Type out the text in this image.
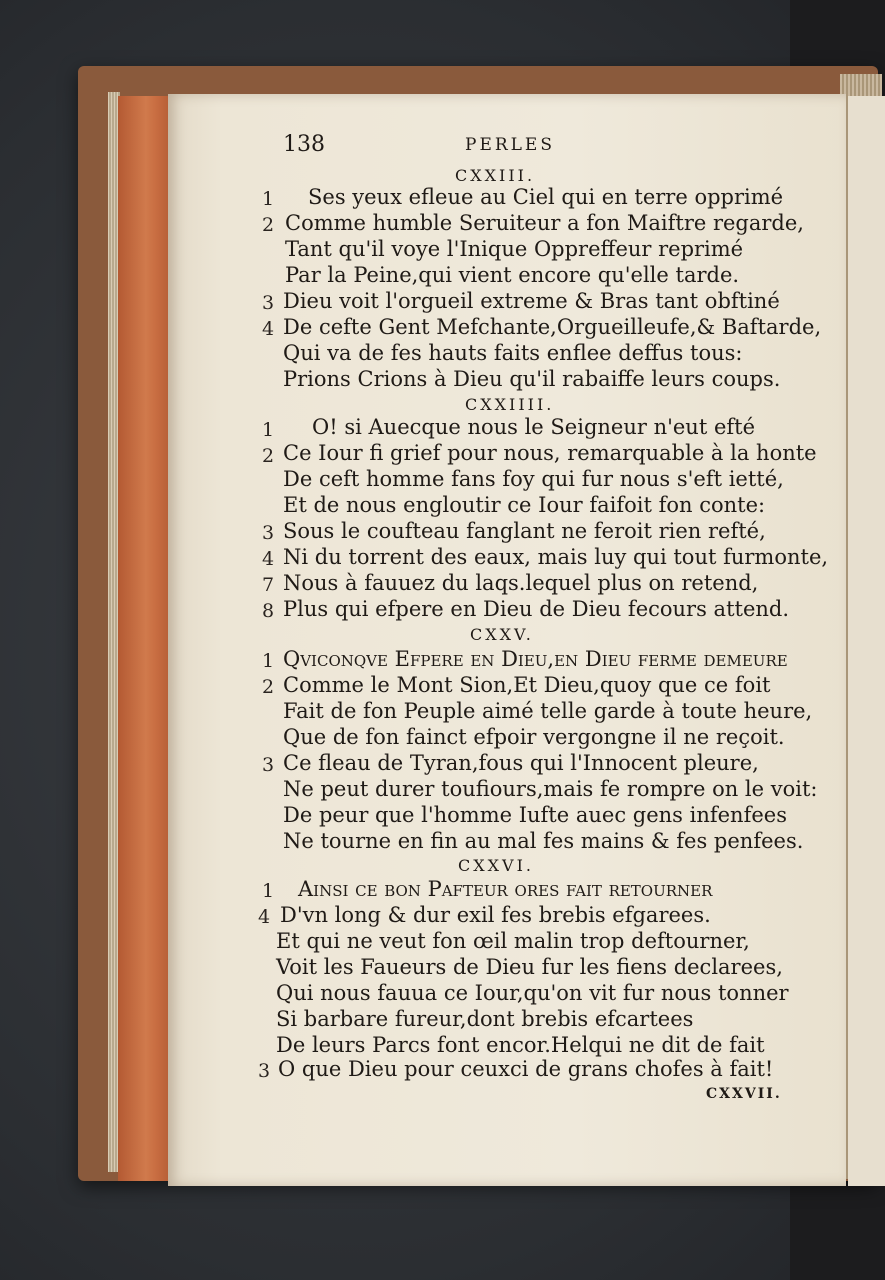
138	PERLES
CXXIII.
1 Ses yeux efleue au Ciel qui en terre opprimé
2 Comme humble Seruiteur a fon Maiftre regarde,
Tant qu'il voye l'Inique Oppreffeur reprimé
Par la Peine,qui vient encore qu'elle tarde.
3 Dieu voit l'orgueil extreme & Bras tant obftiné
4 De cefte Gent Mefchante,Orgueilleufe,& Baftarde,
Qui va de fes hauts faits enflee deffus tous:
Prions Crions à Dieu qu'il rabaiffe leurs coups.
CXXIIII.
1 O! si Auecque nous le Seigneur n'eut efté
2 Ce Iour fi grief pour nous, remarquable à la honte
De ceft homme fans foy qui fur nous s'eft ietté,
Et de nous engloutir ce Iour faifoit fon conte:
3 Sous le coufteau fanglant ne feroit rien refté,
4 Ni du torrent des eaux, mais luy qui tout furmonte,
7 Nous à fauuez du laqs.lequel plus on retend,
8 Plus qui efpere en Dieu de Dieu fecours attend.
CXXV.
1 Qviconqve Efpere en Dieu,en Dieu ferme demeure
2 Comme le Mont Sion,Et Dieu,quoy que ce foit
Fait de fon Peuple aimé telle garde à toute heure,
Que de fon fainct efpoir vergongne il ne reçoit.
3 Ce fleau de Tyran,fous qui l'Innocent pleure,
Ne peut durer toufiours,mais fe rompre on le voit:
De peur que l'homme Iufte auec gens infenfees
Ne tourne en fin au mal fes mains & fes penfees.
CXXVI.
1 Ainsi ce bon Pafteur ores fait retourner
4 D'vn long & dur exil fes brebis efgarees.
Et qui ne veut fon œil malin trop deftourner,
Voit les Faueurs de Dieu fur les fiens declarees,
Qui nous fauua ce Iour,qu'on vit fur nous tonner
Si barbare fureur,dont brebis efcartees
De leurs Parcs font encor.Helqui ne dit de fait
3 O que Dieu pour ceuxci de grans chofes à fait!
CXXVII.
